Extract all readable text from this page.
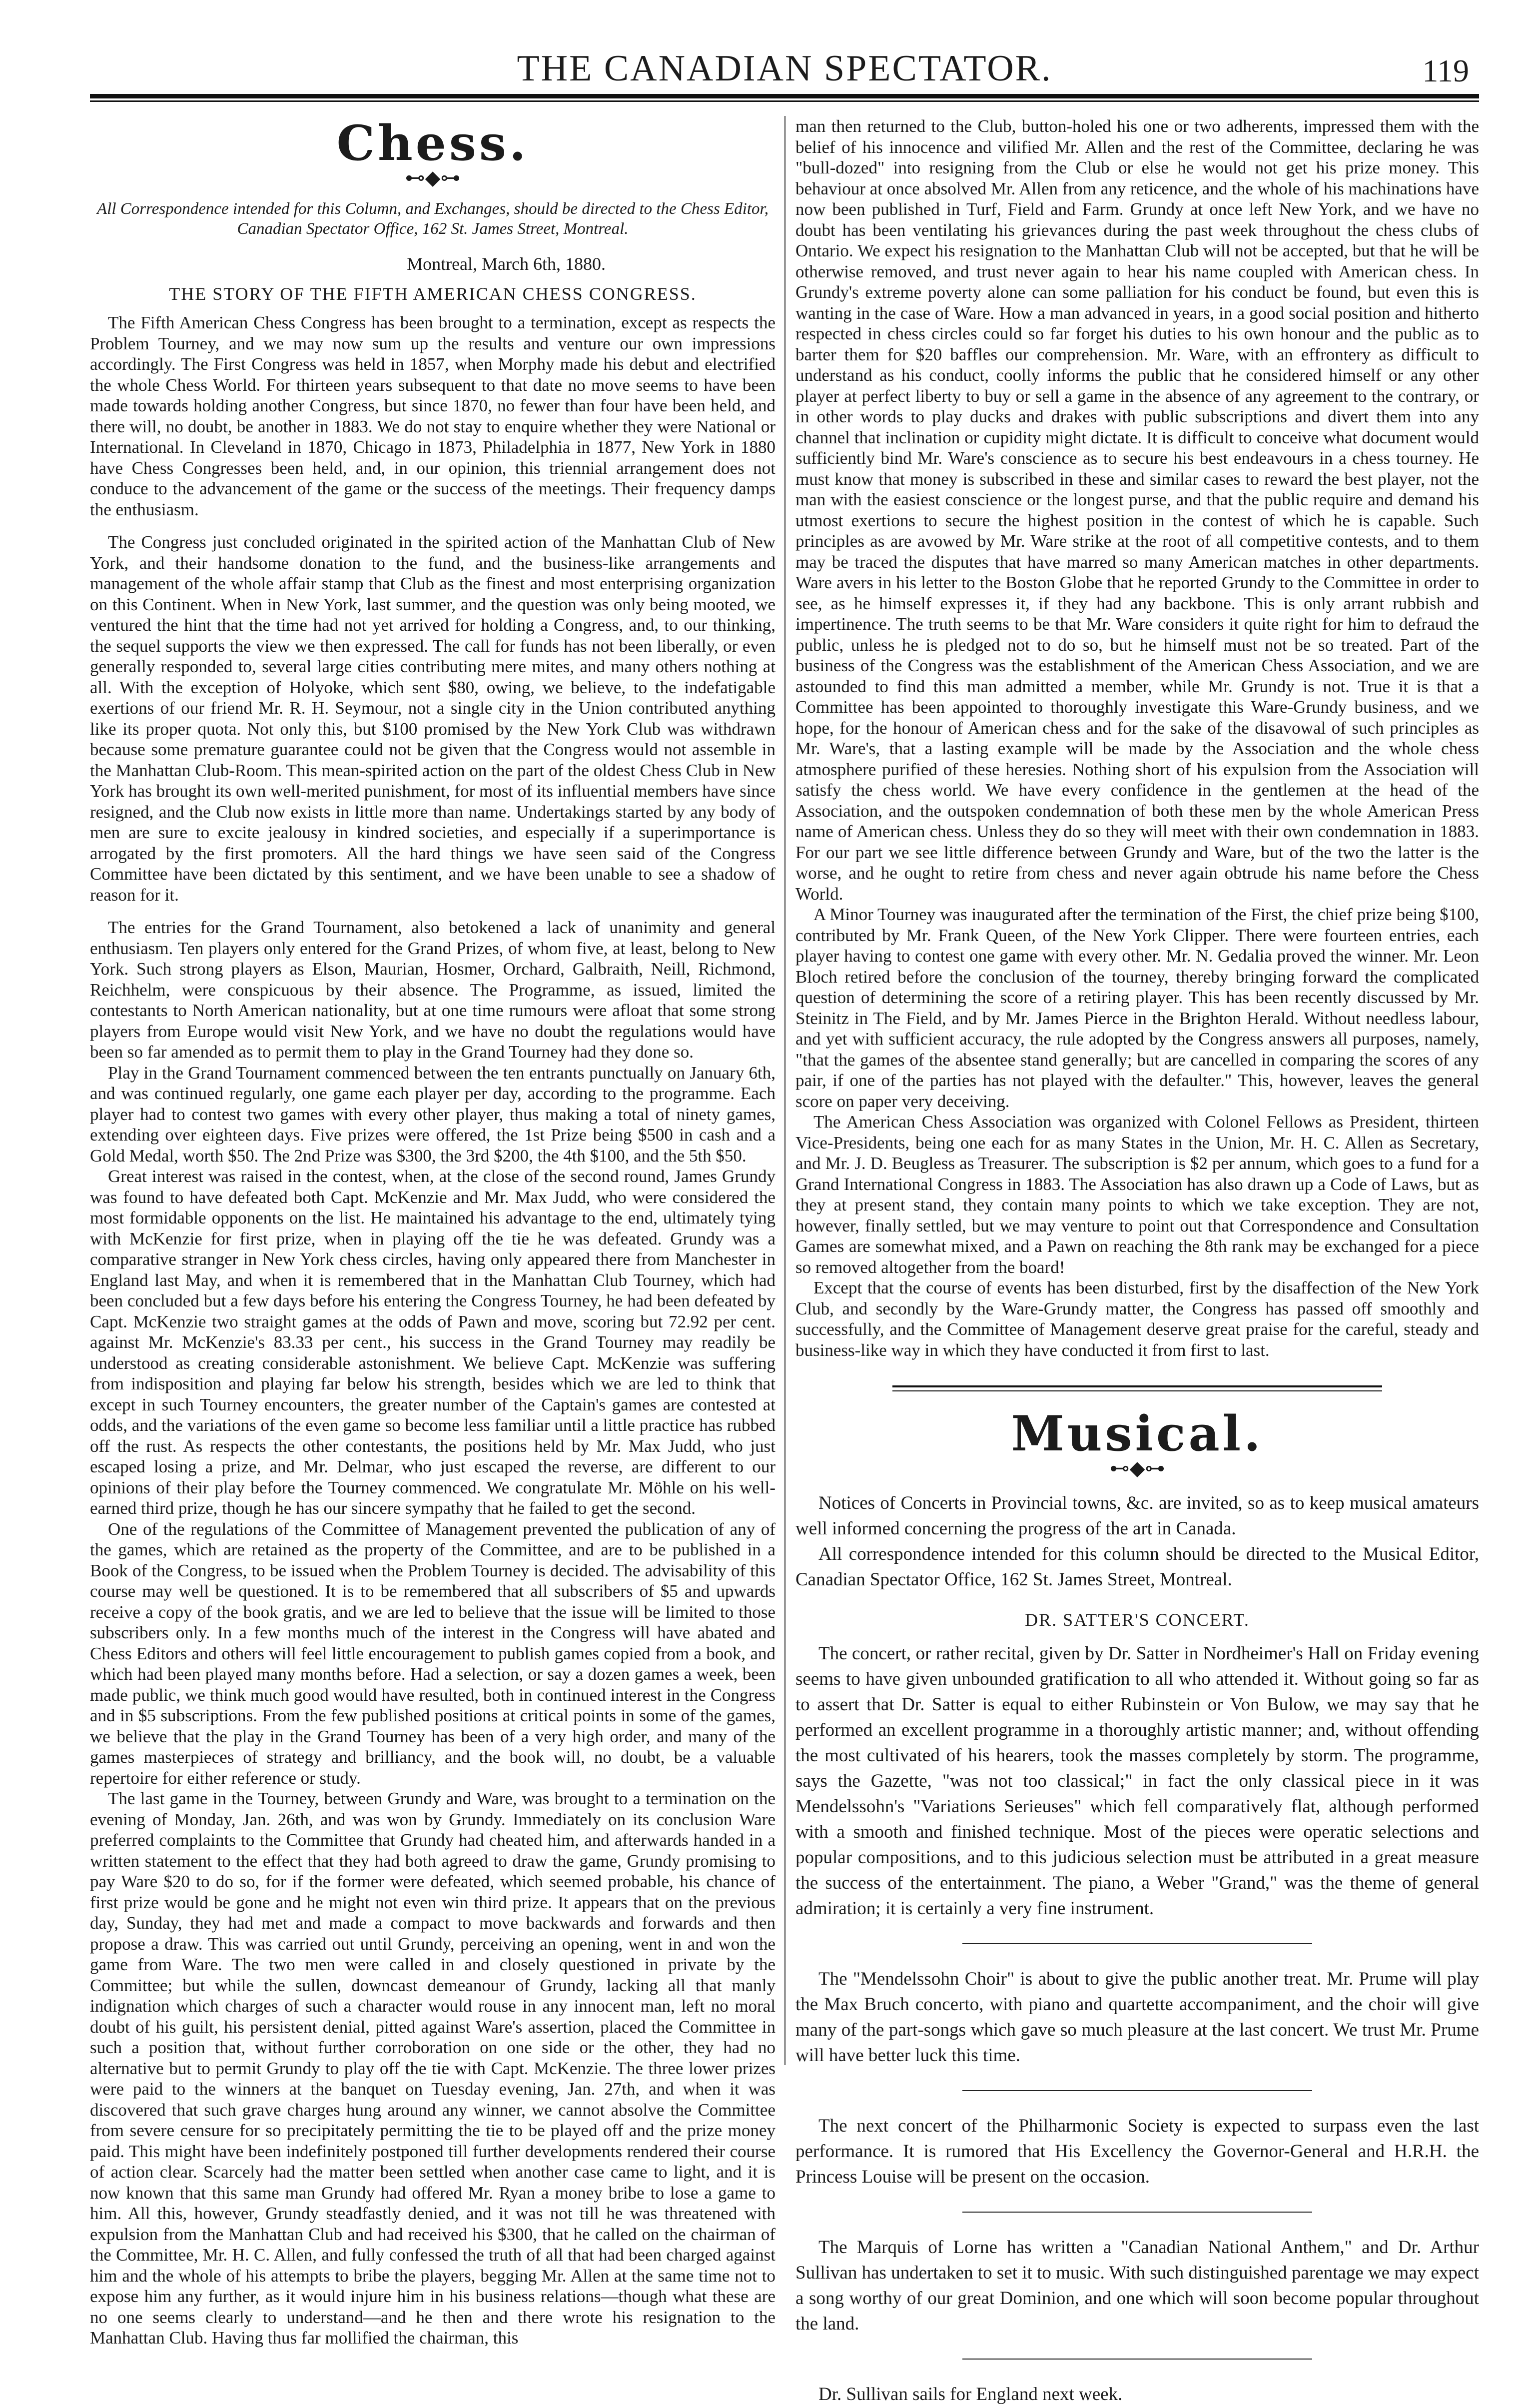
THE CANADIAN SPECTATOR.	119
Chess.
⊷◆⊶
All Correspondence intended for this Column, and Exchanges, should be directed to the Chess Editor, Canadian Spectator Office, 162 St. James Street, Montreal.
Montreal, March 6th, 1880.
THE STORY OF THE FIFTH AMERICAN CHESS CONGRESS.

The Fifth American Chess Congress has been brought to a termination, except as respects the Problem Tourney, and we may now sum up the results and venture our own impressions accordingly. The First Congress was held in 1857, when Morphy made his debut and electrified the whole Chess World. For thirteen years subsequent to that date no move seems to have been made towards holding another Congress, but since 1870, no fewer than four have been held, and there will, no doubt, be another in 1883. We do not stay to enquire whether they were National or International. In Cleveland in 1870, Chicago in 1873, Philadelphia in 1877, New York in 1880 have Chess Congresses been held, and, in our opinion, this triennial arrangement does not conduce to the advancement of the game or the success of the meetings. Their frequency damps the enthusiasm.

The Congress just concluded originated in the spirited action of the Manhattan Club of New York, and their handsome donation to the fund, and the business-like arrangements and management of the whole affair stamp that Club as the finest and most enterprising organization on this Continent. When in New York, last summer, and the question was only being mooted, we ventured the hint that the time had not yet arrived for holding a Congress, and, to our thinking, the sequel supports the view we then expressed. The call for funds has not been liberally, or even generally responded to, several large cities contributing mere mites, and many others nothing at all. With the exception of Holyoke, which sent $80, owing, we believe, to the indefatigable exertions of our friend Mr. R. H. Seymour, not a single city in the Union contributed anything like its proper quota. Not only this, but $100 promised by the New York Club was withdrawn because some premature guarantee could not be given that the Congress would not assemble in the Manhattan Club-Room. This mean-spirited action on the part of the oldest Chess Club in New York has brought its own well-merited punishment, for most of its influential members have since resigned, and the Club now exists in little more than name. Undertakings started by any body of men are sure to excite jealousy in kindred societies, and especially if a superimportance is arrogated by the first promoters. All the hard things we have seen said of the Congress Committee have been dictated by this sentiment, and we have been unable to see a shadow of reason for it.

The entries for the Grand Tournament, also betokened a lack of unanimity and general enthusiasm. Ten players only entered for the Grand Prizes, of whom five, at least, belong to New York. Such strong players as Elson, Maurian, Hosmer, Orchard, Galbraith, Neill, Richmond, Reichhelm, were conspicuous by their absence. The Programme, as issued, limited the contestants to North American nationality, but at one time rumours were afloat that some strong players from Europe would visit New York, and we have no doubt the regulations would have been so far amended as to permit them to play in the Grand Tourney had they done so.

Play in the Grand Tournament commenced between the ten entrants punctually on January 6th, and was continued regularly, one game each player per day, according to the programme. Each player had to contest two games with every other player, thus making a total of ninety games, extending over eighteen days. Five prizes were offered, the 1st Prize being $500 in cash and a Gold Medal, worth $50. The 2nd Prize was $300, the 3rd $200, the 4th $100, and the 5th $50.

Great interest was raised in the contest, when, at the close of the second round, James Grundy was found to have defeated both Capt. McKenzie and Mr. Max Judd, who were considered the most formidable opponents on the list. He maintained his advantage to the end, ultimately tying with McKenzie for first prize, when in playing off the tie he was defeated. Grundy was a comparative stranger in New York chess circles, having only appeared there from Manchester in England last May, and when it is remembered that in the Manhattan Club Tourney, which had been concluded but a few days before his entering the Congress Tourney, he had been defeated by Capt. McKenzie two straight games at the odds of Pawn and move, scoring but 72.92 per cent. against Mr. McKenzie's 83.33 per cent., his success in the Grand Tourney may readily be understood as creating considerable astonishment. We believe Capt. McKenzie was suffering from indisposition and playing far below his strength, besides which we are led to think that except in such Tourney encounters, the greater number of the Captain's games are contested at odds, and the variations of the even game so become less familiar until a little practice has rubbed off the rust. As respects the other contestants, the positions held by Mr. Max Judd, who just escaped losing a prize, and Mr. Delmar, who just escaped the reverse, are different to our opinions of their play before the Tourney commenced. We congratulate Mr. Möhle on his well-earned third prize, though he has our sincere sympathy that he failed to get the second.

One of the regulations of the Committee of Management prevented the publication of any of the games, which are retained as the property of the Committee, and are to be published in a Book of the Congress, to be issued when the Problem Tourney is decided. The advisability of this course may well be questioned. It is to be remembered that all subscribers of $5 and upwards receive a copy of the book gratis, and we are led to believe that the issue will be limited to those subscribers only. In a few months much of the interest in the Congress will have abated and Chess Editors and others will feel little encouragement to publish games copied from a book, and which had been played many months before. Had a selection, or say a dozen games a week, been made public, we think much good would have resulted, both in continued interest in the Congress and in $5 subscriptions. From the few published positions at critical points in some of the games, we believe that the play in the Grand Tourney has been of a very high order, and many of the games masterpieces of strategy and brilliancy, and the book will, no doubt, be a valuable repertoire for either reference or study.

The last game in the Tourney, between Grundy and Ware, was brought to a termination on the evening of Monday, Jan. 26th, and was won by Grundy. Immediately on its conclusion Ware preferred complaints to the Committee that Grundy had cheated him, and afterwards handed in a written statement to the effect that they had both agreed to draw the game, Grundy promising to pay Ware $20 to do so, for if the former were defeated, which seemed probable, his chance of first prize would be gone and he might not even win third prize. It appears that on the previous day, Sunday, they had met and made a compact to move backwards and forwards and then propose a draw. This was carried out until Grundy, perceiving an opening, went in and won the game from Ware. The two men were called in and closely questioned in private by the Committee; but while the sullen, downcast demeanour of Grundy, lacking all that manly indignation which charges of such a character would rouse in any innocent man, left no moral doubt of his guilt, his persistent denial, pitted against Ware's assertion, placed the Committee in such a position that, without further corroboration on one side or the other, they had no alternative but to permit Grundy to play off the tie with Capt. McKenzie. The three lower prizes were paid to the winners at the banquet on Tuesday evening, Jan. 27th, and when it was discovered that such grave charges hung around any winner, we cannot absolve the Committee from severe censure for so precipitately permitting the tie to be played off and the prize money paid. This might have been indefinitely postponed till further developments rendered their course of action clear. Scarcely had the matter been settled when another case came to light, and it is now known that this same man Grundy had offered Mr. Ryan a money bribe to lose a game to him. All this, however, Grundy steadfastly denied, and it was not till he was threatened with expulsion from the Manhattan Club and had received his $300, that he called on the chairman of the Committee, Mr. H. C. Allen, and fully confessed the truth of all that had been charged against him and the whole of his attempts to bribe the players, begging Mr. Allen at the same time not to expose him any further, as it would injure him in his business relations—though what these are no one seems clearly to understand—and he then and there wrote his resignation to the Manhattan Club. Having thus far mollified the chairman, this

man then returned to the Club, button-holed his one or two adherents, impressed them with the belief of his innocence and vilified Mr. Allen and the rest of the Committee, declaring he was "bull-dozed" into resigning from the Club or else he would not get his prize money. This behaviour at once absolved Mr. Allen from any reticence, and the whole of his machinations have now been published in Turf, Field and Farm. Grundy at once left New York, and we have no doubt has been ventilating his grievances during the past week throughout the chess clubs of Ontario. We expect his resignation to the Manhattan Club will not be accepted, but that he will be otherwise removed, and trust never again to hear his name coupled with American chess. In Grundy's extreme poverty alone can some palliation for his conduct be found, but even this is wanting in the case of Ware. How a man advanced in years, in a good social position and hitherto respected in chess circles could so far forget his duties to his own honour and the public as to barter them for $20 baffles our comprehension. Mr. Ware, with an effrontery as difficult to understand as his conduct, coolly informs the public that he considered himself or any other player at perfect liberty to buy or sell a game in the absence of any agreement to the contrary, or in other words to play ducks and drakes with public subscriptions and divert them into any channel that inclination or cupidity might dictate. It is difficult to conceive what document would sufficiently bind Mr. Ware's conscience as to secure his best endeavours in a chess tourney. He must know that money is subscribed in these and similar cases to reward the best player, not the man with the easiest conscience or the longest purse, and that the public require and demand his utmost exertions to secure the highest position in the contest of which he is capable. Such principles as are avowed by Mr. Ware strike at the root of all competitive contests, and to them may be traced the disputes that have marred so many American matches in other departments. Ware avers in his letter to the Boston Globe that he reported Grundy to the Committee in order to see, as he himself expresses it, if they had any backbone. This is only arrant rubbish and impertinence. The truth seems to be that Mr. Ware considers it quite right for him to defraud the public, unless he is pledged not to do so, but he himself must not be so treated. Part of the business of the Congress was the establishment of the American Chess Association, and we are astounded to find this man admitted a member, while Mr. Grundy is not. True it is that a Committee has been appointed to thoroughly investigate this Ware-Grundy business, and we hope, for the honour of American chess and for the sake of the disavowal of such principles as Mr. Ware's, that a lasting example will be made by the Association and the whole chess atmosphere purified of these heresies. Nothing short of his expulsion from the Association will satisfy the chess world. We have every confidence in the gentlemen at the head of the Association, and the outspoken condemnation of both these men by the whole American Press name of American chess. Unless they do so they will meet with their own condemnation in 1883. For our part we see little difference between Grundy and Ware, but of the two the latter is the worse, and he ought to retire from chess and never again obtrude his name before the Chess World.

A Minor Tourney was inaugurated after the termination of the First, the chief prize being $100, contributed by Mr. Frank Queen, of the New York Clipper. There were fourteen entries, each player having to contest one game with every other. Mr. N. Gedalia proved the winner. Mr. Leon Bloch retired before the conclusion of the tourney, thereby bringing forward the complicated question of determining the score of a retiring player. This has been recently discussed by Mr. Steinitz in The Field, and by Mr. James Pierce in the Brighton Herald. Without needless labour, and yet with sufficient accuracy, the rule adopted by the Congress answers all purposes, namely, "that the games of the absentee stand generally; but are cancelled in comparing the scores of any pair, if one of the parties has not played with the defaulter." This, however, leaves the general score on paper very deceiving.

The American Chess Association was organized with Colonel Fellows as President, thirteen Vice-Presidents, being one each for as many States in the Union, Mr. H. C. Allen as Secretary, and Mr. J. D. Beugless as Treasurer. The subscription is $2 per annum, which goes to a fund for a Grand International Congress in 1883. The Association has also drawn up a Code of Laws, but as they at present stand, they contain many points to which we take exception. They are not, however, finally settled, but we may venture to point out that Correspondence and Consultation Games are somewhat mixed, and a Pawn on reaching the 8th rank may be exchanged for a piece so removed altogether from the board!

Except that the course of events has been disturbed, first by the disaffection of the New York Club, and secondly by the Ware-Grundy matter, the Congress has passed off smoothly and successfully, and the Committee of Management deserve great praise for the careful, steady and business-like way in which they have conducted it from first to last.

Musical.
⊷◆⊶

Notices of Concerts in Provincial towns, &c. are invited, so as to keep musical amateurs well informed concerning the progress of the art in Canada.

All correspondence intended for this column should be directed to the Musical Editor, Canadian Spectator Office, 162 St. James Street, Montreal.

DR. SATTER'S CONCERT.

The concert, or rather recital, given by Dr. Satter in Nordheimer's Hall on Friday evening seems to have given unbounded gratification to all who attended it. Without going so far as to assert that Dr. Satter is equal to either Rubinstein or Von Bulow, we may say that he performed an excellent programme in a thoroughly artistic manner; and, without offending the most cultivated of his hearers, took the masses completely by storm. The programme, says the Gazette, "was not too classical;" in fact the only classical piece in it was Mendelssohn's "Variations Serieuses" which fell comparatively flat, although performed with a smooth and finished technique. Most of the pieces were operatic selections and popular compositions, and to this judicious selection must be attributed in a great measure the success of the entertainment. The piano, a Weber "Grand," was the theme of general admiration; it is certainly a very fine instrument.

The "Mendelssohn Choir" is about to give the public another treat. Mr. Prume will play the Max Bruch concerto, with piano and quartette accompaniment, and the choir will give many of the part-songs which gave so much pleasure at the last concert. We trust Mr. Prume will have better luck this time.

The next concert of the Philharmonic Society is expected to surpass even the last performance. It is rumored that His Excellency the Governor-General and H.R.H. the Princess Louise will be present on the occasion.

The Marquis of Lorne has written a "Canadian National Anthem," and Dr. Arthur Sullivan has undertaken to set it to music. With such distinguished parentage we may expect a song worthy of our great Dominion, and one which will soon become popular throughout the land.

Dr. Sullivan sails for England next week.
